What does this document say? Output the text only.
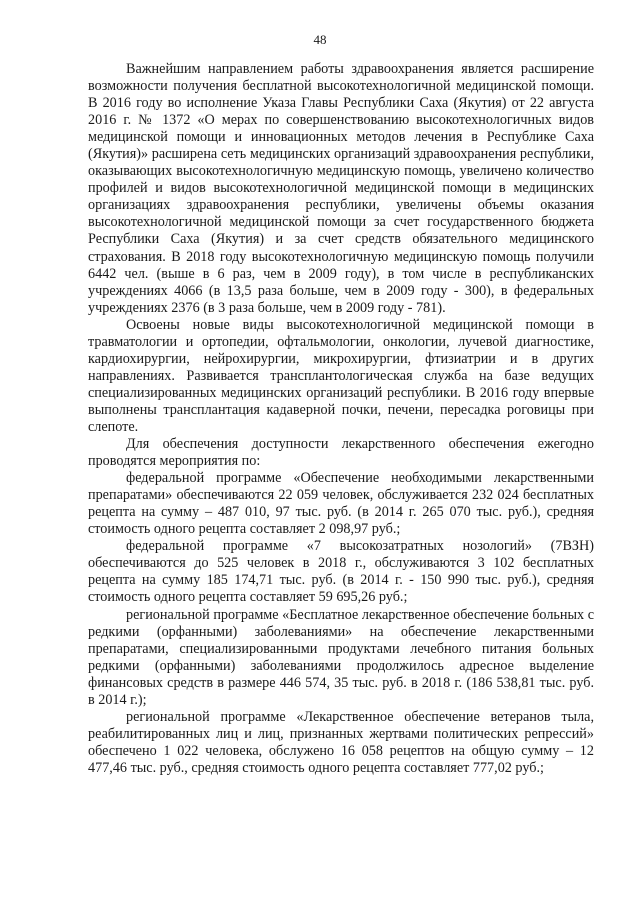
48

Важнейшим направлением работы здравоохранения является расширение возможности получения бесплатной высокотехнологичной медицинской помощи. В 2016 году во исполнение Указа Главы Республики Саха (Якутия) от 22 августа 2016 г. № 1372 «О мерах по совершенствованию высокотехнологичных видов медицинской помощи и инновационных методов лечения в Республике Саха (Якутия)» расширена сеть медицинских организаций здравоохранения республики, оказывающих высокотехнологичную медицинскую помощь, увеличено количество профилей и видов высокотехнологичной медицинской помощи в медицинских организациях здравоохранения республики, увеличены объемы оказания высокотехнологичной медицинской помощи за счет государственного бюджета Республики Саха (Якутия) и за счет средств обязательного медицинского страхования. В 2018 году высокотехнологичную медицинскую помощь получили 6442 чел. (выше в 6 раз, чем в 2009 году), в том числе в республиканских учреждениях 4066 (в 13,5 раза больше, чем в 2009 году - 300), в федеральных учреждениях 2376 (в 3 раза больше, чем в 2009 году - 781).

Освоены новые виды высокотехнологичной медицинской помощи в травматологии и ортопедии, офтальмологии, онкологии, лучевой диагностике, кардиохирургии, нейрохирургии, микрохирургии, фтизиатрии и в других направлениях. Развивается трансплантологическая служба на базе ведущих специализированных медицинских организаций республики. В 2016 году впервые выполнены трансплантация кадаверной почки, печени, пересадка роговицы при слепоте.

Для обеспечения доступности лекарственного обеспечения ежегодно проводятся мероприятия по:

федеральной программе «Обеспечение необходимыми лекарственными препаратами» обеспечиваются 22 059 человек, обслуживается 232 024 бесплатных рецепта на сумму – 487 010, 97 тыс. руб. (в 2014 г. 265 070 тыс. руб.), средняя стоимость одного рецепта составляет 2 098,97 руб.;

федеральной программе «7 высокозатратных нозологий» (7ВЗН) обеспечиваются до 525 человек в 2018 г., обслуживаются 3 102 бесплатных рецепта на сумму 185 174,71 тыс. руб. (в 2014 г. - 150 990 тыс. руб.), средняя стоимость одного рецепта составляет 59 695,26 руб.;

региональной программе «Бесплатное лекарственное обеспечение больных с редкими (орфанными) заболеваниями» на обеспечение лекарственными препаратами, специализированными продуктами лечебного питания больных редкими (орфанными) заболеваниями продолжилось адресное выделение финансовых средств в размере 446 574, 35 тыс. руб. в 2018 г. (186 538,81 тыс. руб. в 2014 г.);

региональной программе «Лекарственное обеспечение ветеранов тыла, реабилитированных лиц и лиц, признанных жертвами политических репрессий» обеспечено 1 022 человека, обслужено 16 058 рецептов на общую сумму – 12 477,46 тыс. руб., средняя стоимость одного рецепта составляет 777,02 руб.;
